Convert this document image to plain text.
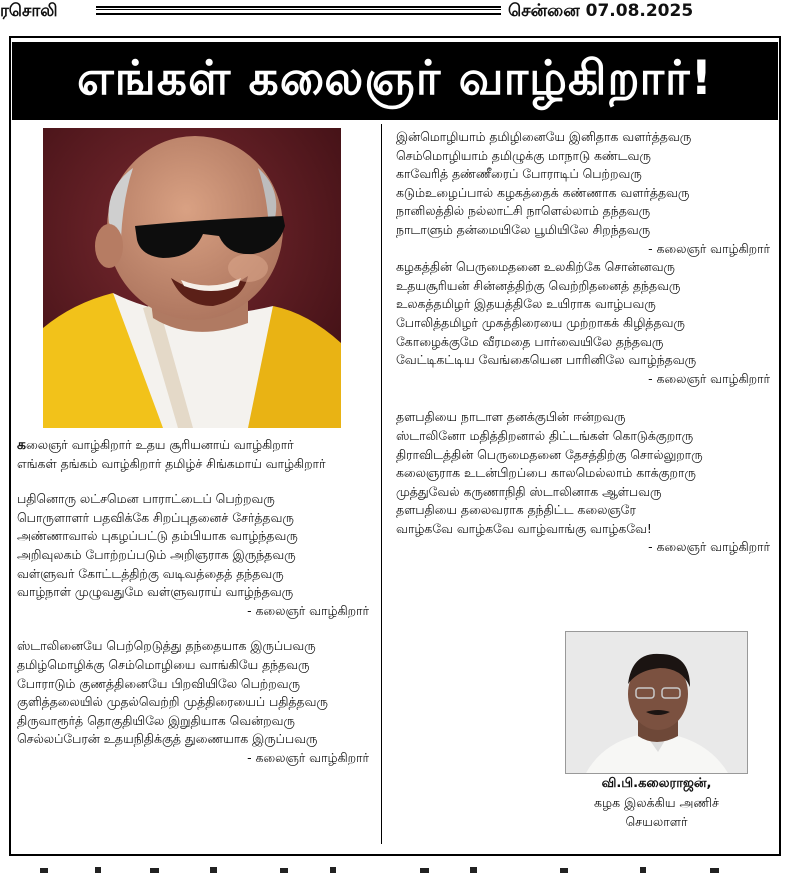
ரசொலி	சென்னை 07.08.2025
எங்கள் கலைஞர் வாழ்கிறார்!
கலைஞர் வாழ்கிறார் உதய சூரியனாய் வாழ்கிறார்
எங்கள் தங்கம் வாழ்கிறார் தமிழ்ச் சிங்கமாய் வாழ்கிறார்
பதினொரு லட்சமென பாராட்டைப் பெற்றவரு
பொருளாளர் பதவிக்கே சிறப்புதனைச் சேர்த்தவரு
அண்ணாவால் புகழப்பட்டு தம்பியாக வாழ்ந்தவரு
அறிவுலகம் போற்றப்படும் அறிஞராக இருந்தவரு
வள்ளுவர் கோட்டத்திற்கு வடிவத்தைத் தந்தவரு
வாழ்நாள் முழுவதுமே வள்ளுவராய் வாழ்ந்தவரு
- கலைஞர் வாழ்கிறார்
ஸ்டாலினையே பெற்றெடுத்து தந்தையாக இருப்பவரு
தமிழ்மொழிக்கு செம்மொழியை வாங்கியே தந்தவரு
போராடும் குணத்தினையே பிறவியிலே பெற்றவரு
குளித்தலையில் முதல்வெற்றி முத்திரையைப் பதித்தவரு
திருவாரூர்த் தொகுதியிலே இறுதியாக வென்றவரு
செல்லப்பேரன் உதயநிதிக்குத் துணையாக இருப்பவரு
- கலைஞர் வாழ்கிறார்
இன்மொழியாம் தமிழினையே இனிதாக வளர்த்தவரு
செம்மொழியாம் தமிழுக்கு மாநாடு கண்டவரு
காவேரித் தண்ணீரைப் போராடிப் பெற்றவரு
கடும்உழைப்பால் கழகத்தைக் கண்ணாக வளர்த்தவரு
நானிலத்தில் நல்லாட்சி நாளெல்லாம் தந்தவரு
நாடாளும் தன்மையிலே பூமியிலே சிறந்தவரு
- கலைஞர் வாழ்கிறார்
கழகத்தின் பெருமைதனை உலகிற்கே சொன்னவரு
உதயசூரியன் சின்னத்திற்கு வெற்றிதனைத் தந்தவரு
உலகத்தமிழர் இதயத்திலே உயிராக வாழ்பவரு
போலித்தமிழர் முகத்திரையை முற்றாகக் கிழித்தவரு
கோழைக்குமே வீரமதை பார்வையிலே தந்தவரு
வேட்டிகட்டிய வேங்கையென பாரினிலே வாழ்ந்தவரு
- கலைஞர் வாழ்கிறார்
தளபதியை நாடாள தனக்குபின் ஈன்றவரு
ஸ்டாலினோ மதித்திறனால் திட்டங்கள் கொடுக்குறாரு
திராவிடத்தின் பெருமைதனை தேசத்திற்கு சொல்லுறாரு
கலைஞராக உடன்பிறப்பை காலமெல்லாம் காக்குறாரு
முத்துவேல் கருணாநிதி ஸ்டாலினாக ஆள்பவரு
தளபதியை தலைவராக தந்திட்ட கலைஞரே
வாழ்கவே வாழ்கவே வாழ்வாங்கு வாழ்கவே!
- கலைஞர் வாழ்கிறார்
வி.பி.கலைராஜன்,
கழக இலக்கிய அணிச்
செயலாளர்
